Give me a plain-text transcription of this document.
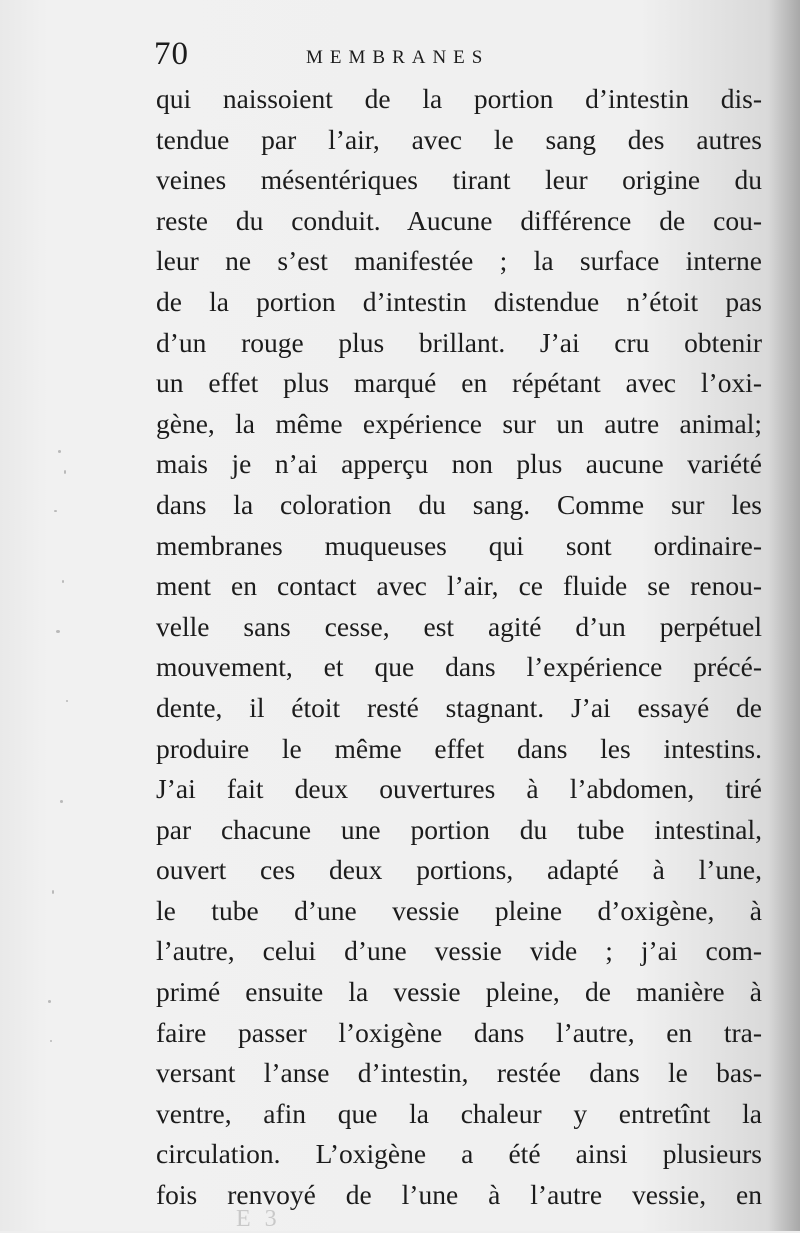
70	membranes
qui naissoient de la portion d’intestin dis-
tendue par l’air, avec le sang des autres
veines mésentériques tirant leur origine du
reste du conduit. Aucune différence de cou-
leur ne s’est manifestée ; la surface interne
de la portion d’intestin distendue n’étoit pas
d’un rouge plus brillant. J’ai cru obtenir
un effet plus marqué en répétant avec l’oxi-
gène, la même expérience sur un autre animal;
mais je n’ai apperçu non plus aucune variété
dans la coloration du sang. Comme sur les
membranes muqueuses qui sont ordinaire-
ment en contact avec l’air, ce fluide se renou-
velle sans cesse, est agité d’un perpétuel
mouvement, et que dans l’expérience précé-
dente, il étoit resté stagnant. J’ai essayé de
produire le même effet dans les intestins.
J’ai fait deux ouvertures à l’abdomen, tiré
par chacune une portion du tube intestinal,
ouvert ces deux portions, adapté à l’une,
le tube d’une vessie pleine d’oxigène, à
l’autre, celui d’une vessie vide ; j’ai com-
primé ensuite la vessie pleine, de manière à
faire passer l’oxigène dans l’autre, en tra-
versant l’anse d’intestin, restée dans le bas-
ventre, afin que la chaleur y entretînt la
circulation. L’oxigène a été ainsi plusieurs
fois renvoyé de l’une à l’autre vessie, en
E 3
